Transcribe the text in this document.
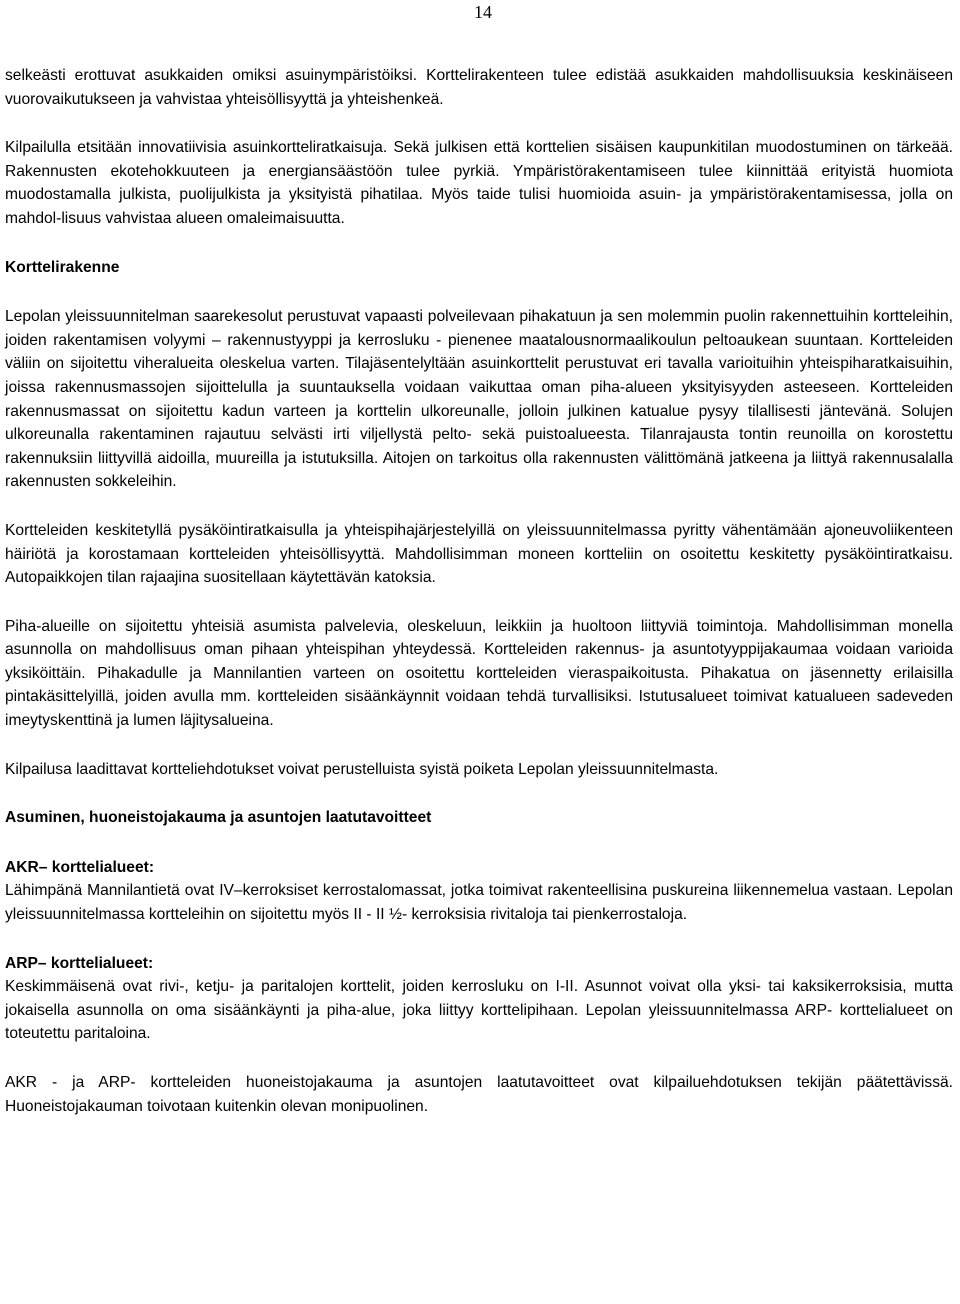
14

selkeästi erottuvat asukkaiden omiksi asuinympäristöiksi. Korttelirakenteen tulee edistää asukkaiden mahdollisuuksia keskinäiseen vuorovaikutukseen ja vahvistaa yhteisöllisyyttä ja yhteishenkeä.

Kilpailulla etsitään innovatiivisia asuinkortteliratkaisuja. Sekä julkisen että korttelien sisäisen kaupunkitilan muodostuminen on tärkeää. Rakennusten ekotehokkuuteen ja energiansäästöön tulee pyrkiä. Ympäristörakentamiseen tulee kiinnittää erityistä huomiota muodostamalla julkista, puolijulkista ja yksityistä pihatilaa. Myös taide tulisi huomioida asuin- ja ympäristörakentamisessa, jolla on mahdol-lisuus vahvistaa alueen omaleimaisuutta.

Korttelirakenne

Lepolan yleissuunnitelman saarekesolut perustuvat vapaasti polveilevaan pihakatuun ja sen molemmin puolin rakennettuihin kortteleihin, joiden rakentamisen volyymi – rakennustyyppi ja kerrosluku - pienenee maatalousnormaalikoulun peltoaukean suuntaan. Kortteleiden väliin on sijoitettu viheralueita oleskelua varten. Tilajäsentelyltään asuinkorttelit perustuvat eri tavalla varioituihin yhteispiharatkaisuihin, joissa rakennusmassojen sijoittelulla ja suuntauksella voidaan vaikuttaa oman piha-alueen yksityisyyden asteeseen. Kortteleiden rakennusmassat on sijoitettu kadun varteen ja korttelin ulkoreunalle, jolloin julkinen katualue pysyy tilallisesti jäntevänä. Solujen ulkoreunalla rakentaminen rajautuu selvästi irti viljellystä pelto- sekä puistoalueesta. Tilanrajausta tontin reunoilla on korostettu rakennuksiin liittyvillä aidoilla, muureilla ja istutuksilla. Aitojen on tarkoitus olla rakennusten välittömänä jatkeena ja liittyä rakennusalalla rakennusten sokkeleihin.

Kortteleiden keskitetyllä pysäköintiratkaisulla ja yhteispihajärjestelyillä on yleissuunnitelmassa pyritty vähentämään ajoneuvoliikenteen häiriötä ja korostamaan kortteleiden yhteisöllisyyttä. Mahdollisimman moneen kortteliin on osoitettu keskitetty pysäköintiratkaisu. Autopaikkojen tilan rajaajina suositellaan käytettävän katoksia.

Piha-alueille on sijoitettu yhteisiä asumista palvelevia, oleskeluun, leikkiin ja huoltoon liittyviä toimintoja. Mahdollisimman monella asunnolla on mahdollisuus oman pihaan yhteispihan yhteydessä. Kortteleiden rakennus- ja asuntotyyppijakaumaa voidaan varioida yksiköittäin. Pihakadulle ja Mannilantien varteen on osoitettu kortteleiden vieraspaikoitusta. Pihakatua on jäsennetty erilaisilla pintakäsittelyillä, joiden avulla mm. kortteleiden sisäänkäynnit voidaan tehdä turvallisiksi. Istutusalueet toimivat katualueen sadeveden imeytyskenttinä ja lumen läjitysalueina.

Kilpailusa laadittavat kortteliehdotukset voivat perustelluista syistä poiketa Lepolan yleissuunnitelmasta.

Asuminen, huoneistojakauma ja asuntojen laatutavoitteet

AKR– korttelialueet:

Lähimpänä Mannilantietä ovat IV–kerroksiset kerrostalomassat, jotka toimivat rakenteellisina puskureina liikennemelua vastaan. Lepolan yleissuunnitelmassa kortteleihin on sijoitettu myös II - II ½- kerroksisia rivitaloja tai pienkerrostaloja.

ARP– korttelialueet:

Keskimmäisenä ovat rivi-, ketju- ja paritalojen korttelit, joiden kerrosluku on I-II. Asunnot voivat olla yksi- tai kaksikerroksisia, mutta jokaisella asunnolla on oma sisäänkäynti ja piha-alue, joka liittyy korttelipihaan. Lepolan yleissuunnitelmassa ARP- korttelialueet on toteutettu paritaloina.

AKR - ja ARP- kortteleiden huoneistojakauma ja asuntojen laatutavoitteet ovat kilpailuehdotuksen tekijän päätettävissä. Huoneistojakauman toivotaan kuitenkin olevan monipuolinen.
